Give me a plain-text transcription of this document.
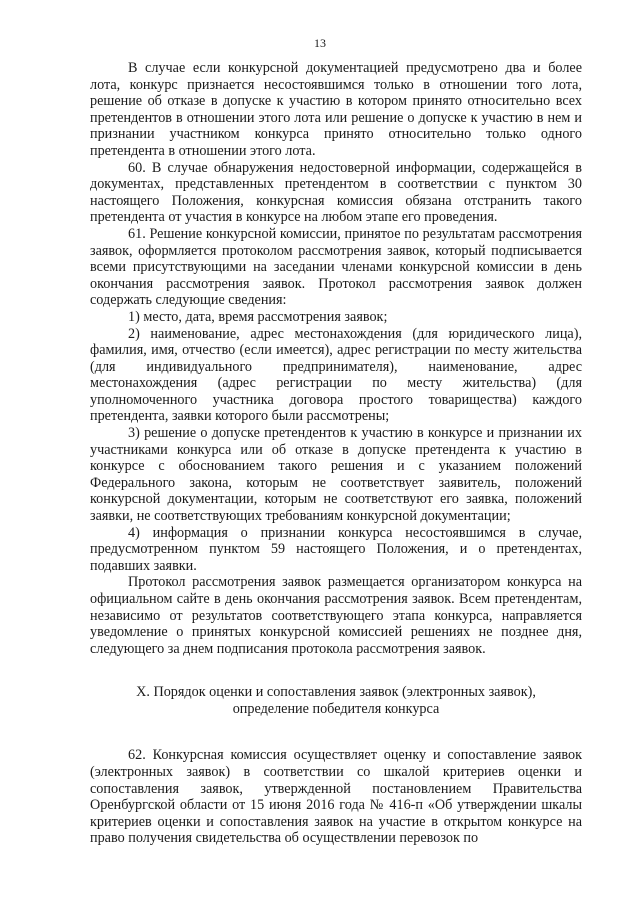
13

В случае если конкурсной документацией предусмотрено два и более лота, конкурс признается несостоявшимся только в отношении того лота, решение об отказе в допуске к участию в котором принято относительно всех претендентов в отношении этого лота или решение о допуске к участию в нем и признании участником конкурса принято относительно только одного претендента в отношении этого лота.

60. В случае обнаружения недостоверной информации, содержащейся в документах, представленных претендентом в соответствии с пунктом 30 настоящего Положения, конкурсная комиссия обязана отстранить такого претендента от участия в конкурсе на любом этапе его проведения.

61. Решение конкурсной комиссии, принятое по результатам рассмотрения заявок, оформляется протоколом рассмотрения заявок, который подписывается всеми присутствующими на заседании членами конкурсной комиссии в день окончания рассмотрения заявок. Протокол рассмотрения заявок должен содержать следующие сведения:

1) место, дата, время рассмотрения заявок;

2) наименование, адрес местонахождения (для юридического лица), фамилия, имя, отчество (если имеется), адрес регистрации по месту жительства (для индивидуального предпринимателя), наименование, адрес местонахождения (адрес регистрации по месту жительства) (для уполномоченного участника договора простого товарищества) каждого претендента, заявки которого были рассмотрены;

3) решение о допуске претендентов к участию в конкурсе и признании их участниками конкурса или об отказе в допуске претендента к участию в конкурсе с обоснованием такого решения и с указанием положений Федерального закона, которым не соответствует заявитель, положений конкурсной документации, которым не соответствуют его заявка, положений заявки, не соответствующих требованиям конкурсной документации;

4) информация о признании конкурса несостоявшимся в случае, предусмотренном пунктом 59 настоящего Положения, и о претендентах, подавших заявки.

Протокол рассмотрения заявок размещается организатором конкурса на официальном сайте в день окончания рассмотрения заявок. Всем претендентам, независимо от результатов соответствующего этапа конкурса, направляется уведомление о принятых конкурсной комиссией решениях не позднее дня, следующего за днем подписания протокола рассмотрения заявок.

X. Порядок оценки и сопоставления заявок (электронных заявок),
определение победителя конкурса

62. Конкурсная комиссия осуществляет оценку и сопоставление заявок (электронных заявок) в соответствии со шкалой критериев оценки и сопоставления заявок, утвержденной постановлением Правительства Оренбургской области от 15 июня 2016 года № 416-п «Об утверждении шкалы критериев оценки и сопоставления заявок на участие в открытом конкурсе на право получения свидетельства об осуществлении перевозок по
